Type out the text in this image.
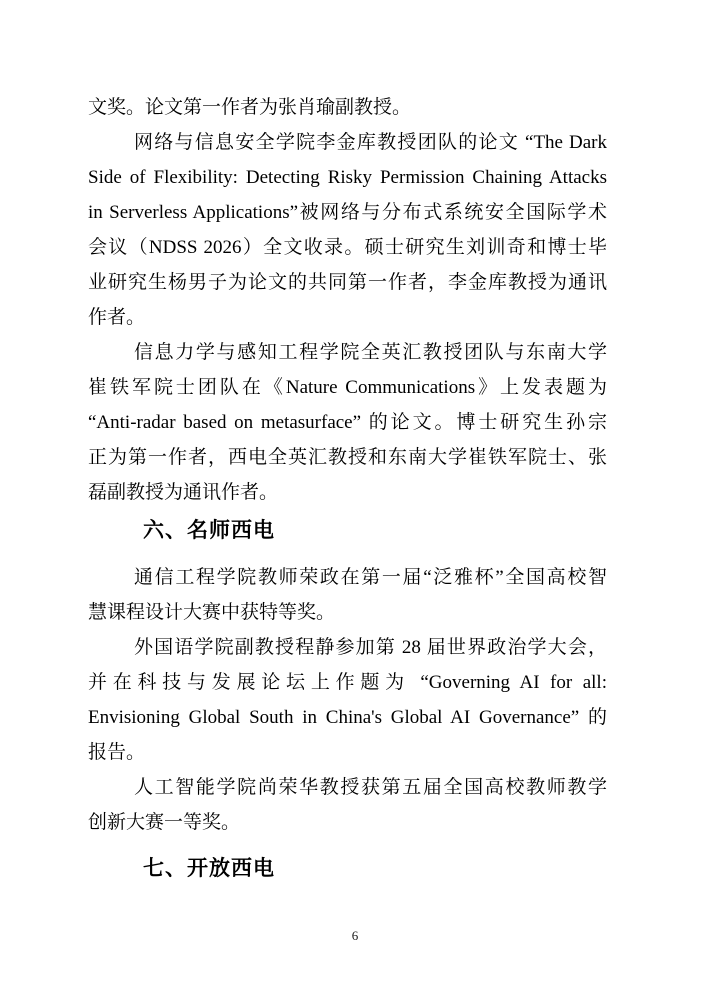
文奖。论文第一作者为张肖瑜副教授。

网络与信息安全学院李金库教授团队的论文 “The Dark

Side of Flexibility: Detecting Risky Permission Chaining Attacks

in Serverless Applications”被网络与分布式系统安全国际学术

会议（NDSS 2026）全文收录。硕士研究生刘训奇和博士毕

业研究生杨男子为论文的共同第一作者，李金库教授为通讯

作者。

信息力学与感知工程学院全英汇教授团队与东南大学

崔铁军院士团队在《Nature Communications》上发表题为

“Anti-radar based on metasurface” 的论文。博士研究生孙宗

正为第一作者，西电全英汇教授和东南大学崔铁军院士、张

磊副教授为通讯作者。

六、名师西电

通信工程学院教师荣政在第一届“泛雅杯”全国高校智

慧课程设计大赛中获特等奖。

外国语学院副教授程静参加第 28 届世界政治学大会，

并在科技与发展论坛上作题为 “Governing AI for all:

Envisioning Global South in China's Global AI Governance” 的

报告。

人工智能学院尚荣华教授获第五届全国高校教师教学

创新大赛一等奖。

七、开放西电
6
